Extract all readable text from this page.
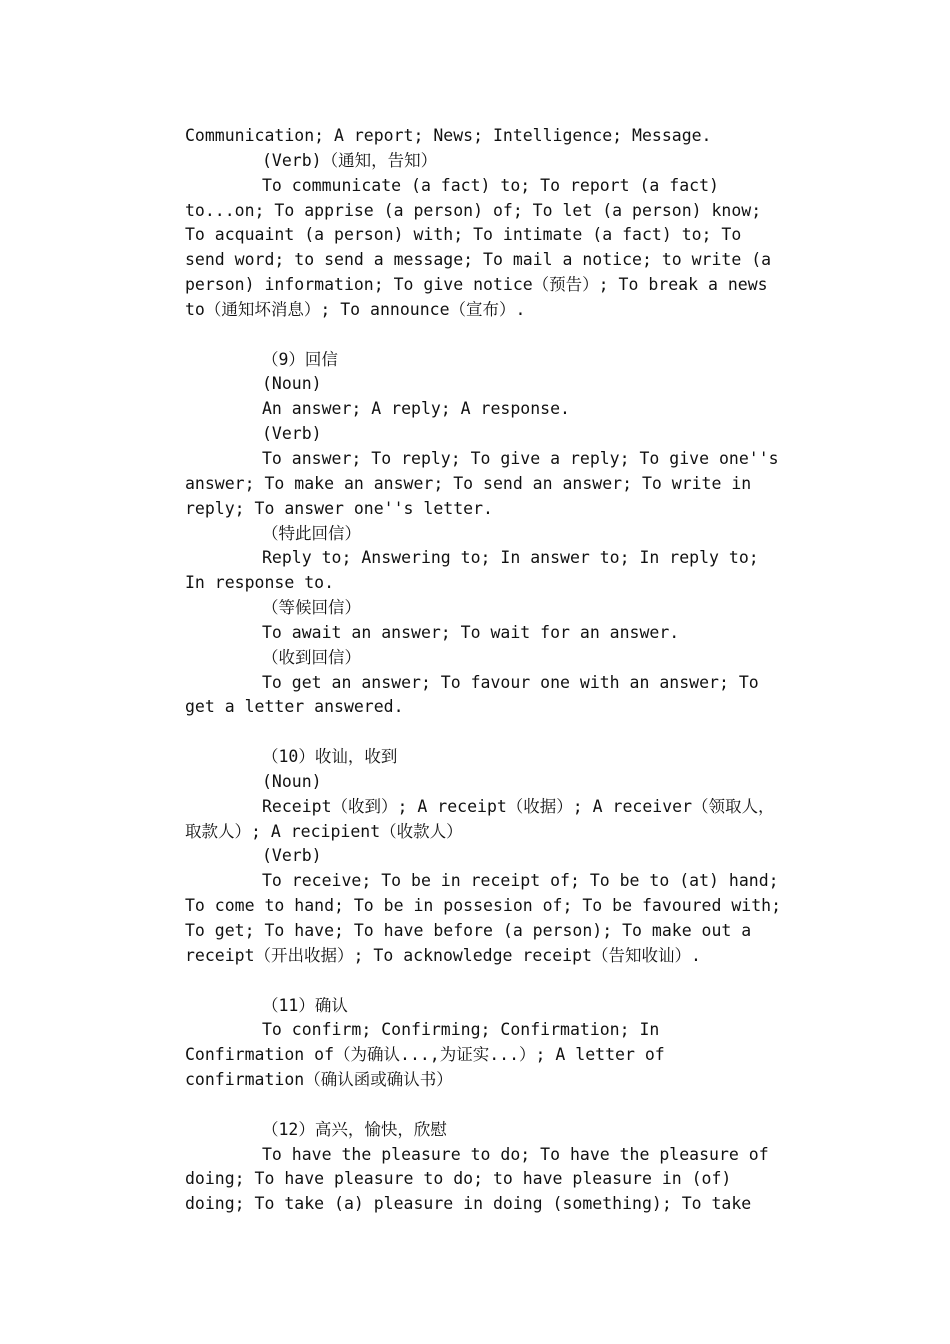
Communication; A report; News; Intelligence; Message.
(Verb)（通知，告知）
To communicate (a fact) to; To report (a fact)
to...on; To apprise (a person) of; To let (a person) know;
To acquaint (a person) with; To intimate (a fact) to; To
send word; to send a message; To mail a notice; to write (a
person) information; To give notice（预告）; To break a news
to（通知坏消息）; To announce（宣布）.
（9）回信
(Noun)
An answer; A reply; A response.
(Verb)
To answer; To reply; To give a reply; To give one''s
answer; To make an answer; To send an answer; To write in
reply; To answer one''s letter.
（特此回信）
Reply to; Answering to; In answer to; In reply to;
In response to.
（等候回信）
To await an answer; To wait for an answer.
（收到回信）
To get an answer; To favour one with an answer; To
get a letter answered.
（10）收讪，收到
(Noun)
Receipt（收到）; A receipt（收据）; A receiver（领取人，
取款人）; A recipient（收款人）
(Verb)
To receive; To be in receipt of; To be to (at) hand;
To come to hand; To be in possesion of; To be favoured with;
To get; To have; To have before (a person); To make out a
receipt（开出收据）; To acknowledge receipt（告知收讪）.
（11）确认
To confirm; Confirming; Confirmation; In
Confirmation of（为确认...,为证实...）; A letter of
confirmation（确认函或确认书）
（12）高兴，愉快，欣慰
To have the pleasure to do; To have the pleasure of
doing; To have pleasure to do; to have pleasure in (of)
doing; To take (a) pleasure in doing (something); To take
